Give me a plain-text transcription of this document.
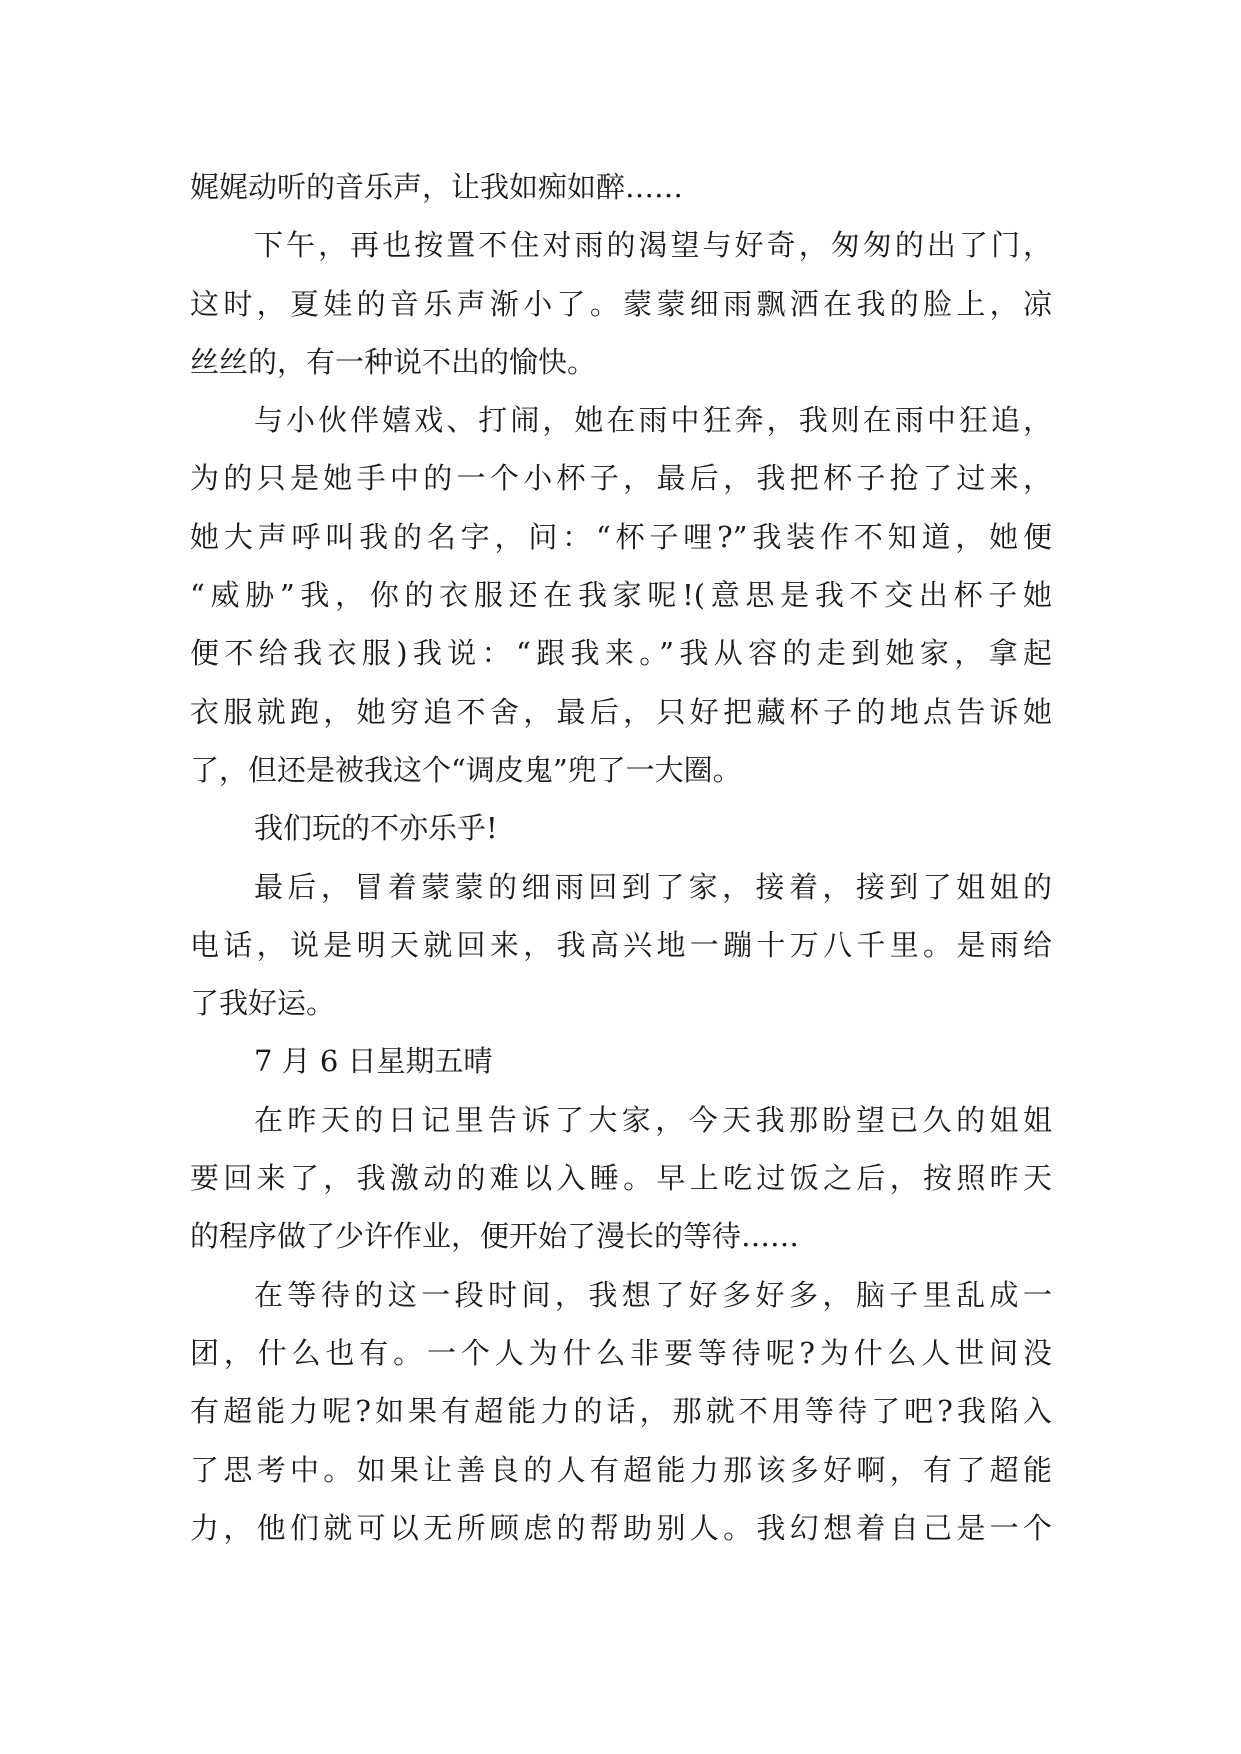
娓娓动听的音乐声，让我如痴如醉……
下午，再也按置不住对雨的渴望与好奇，匆匆的出了门，
这时，夏娃的音乐声渐小了。蒙蒙细雨飘洒在我的脸上，凉
丝丝的，有一种说不出的愉快。
与小伙伴嬉戏、打闹，她在雨中狂奔，我则在雨中狂追，
为的只是她手中的一个小杯子，最后，我把杯子抢了过来，
她大声呼叫我的名字，问：“杯子哩?”我装作不知道，她便
“威胁”我，你的衣服还在我家呢!(意思是我不交出杯子她
便不给我衣服)我说：“跟我来。”我从容的走到她家，拿起
衣服就跑，她穷追不舍，最后，只好把藏杯子的地点告诉她
了，但还是被我这个“调皮鬼”兜了一大圈。
我们玩的不亦乐乎!
最后，冒着蒙蒙的细雨回到了家，接着，接到了姐姐的
电话，说是明天就回来，我高兴地一蹦十万八千里。是雨给
了我好运。
7 月 6 日星期五晴
在昨天的日记里告诉了大家，今天我那盼望已久的姐姐
要回来了，我激动的难以入睡。早上吃过饭之后，按照昨天
的程序做了少许作业，便开始了漫长的等待……
在等待的这一段时间，我想了好多好多，脑子里乱成一
团，什么也有。一个人为什么非要等待呢?为什么人世间没
有超能力呢?如果有超能力的话，那就不用等待了吧?我陷入
了思考中。如果让善良的人有超能力那该多好啊，有了超能
力，他们就可以无所顾虑的帮助别人。我幻想着自己是一个
